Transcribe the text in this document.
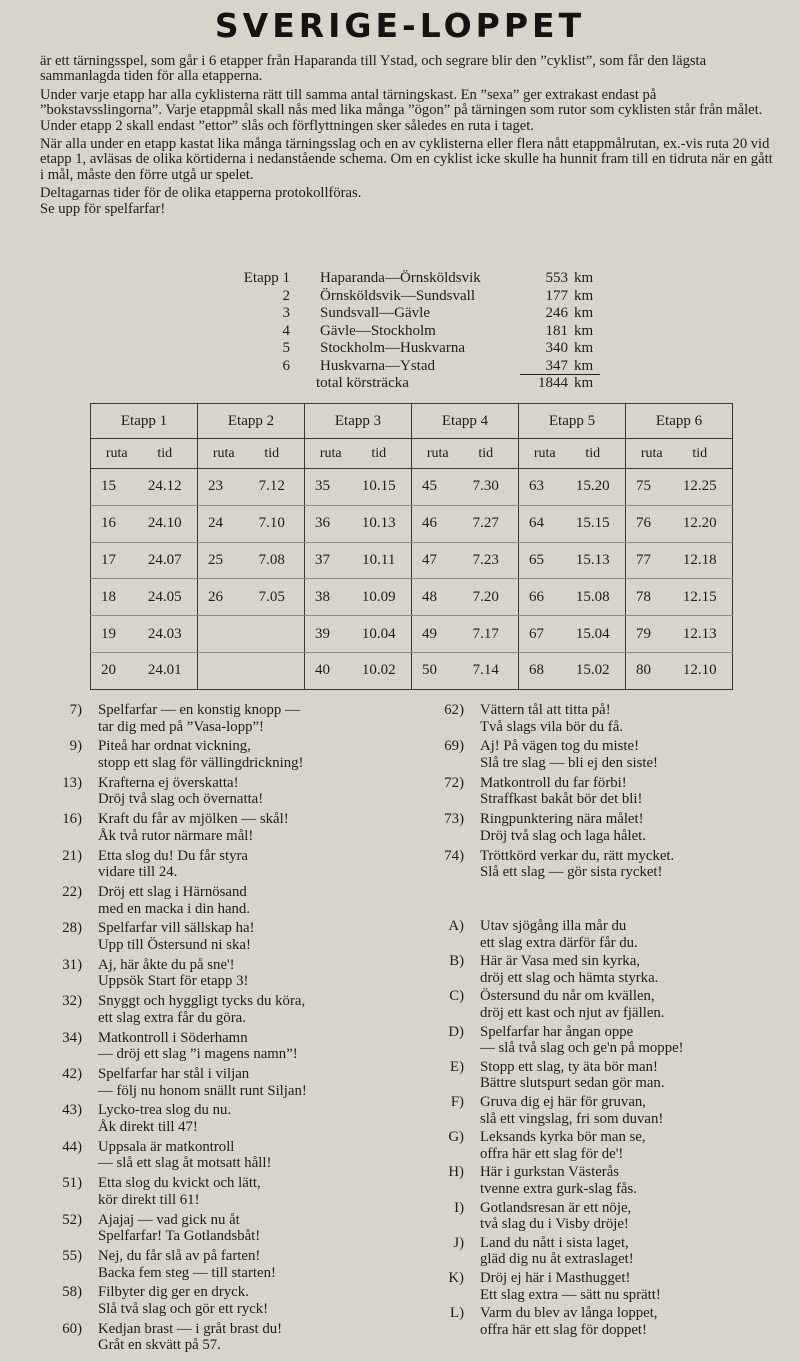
SVERIGE-LOPPET

är ett tärningsspel, som går i 6 etapper från Haparanda till Ystad, och segrare blir den ”cyklist”, som får den lägsta sammanlagda tiden för alla etapperna.

Under varje etapp har alla cyklisterna rätt till samma antal tärningskast. En ”sexa” ger extrakast endast på ”bokstavsslingorna”. Varje etappmål skall nås med lika många ”ögon” på tärningen som rutor som cyklisten står från målet. Under etapp 2 skall endast ”ettor” slås och förflyttningen sker således en ruta i taget.

När alla under en etapp kastat lika många tärningsslag och en av cyklisterna eller flera nått etappmålrutan, ex.-vis ruta 20 vid etapp 1, avläsas de olika körtiderna i nedanstående schema. Om en cyklist icke skulle ha hunnit fram till en tidruta när en gått i mål, måste den förre utgå ur spelet.

Deltagarnas tider för de olika etapperna protokollföras.

Se upp för spelfarfar!

Etapp 1 Haparanda—Örnsköldsvik	553 km
2 Örnsköldsvik—Sundsvall	177 km
3 Sundsvall—Gävle	246 km
4 Gävle—Stockholm	181 km
5 Stockholm—Huskvarna	340 km
6 Huskvarna—Ystad	347 km
total körsträcka	1844 km
Etapp 1		Etapp 2		Etapp 3		Etapp 4		Etapp 5		Etapp 6	
ruta	tid	ruta	tid	ruta	tid	ruta	tid	ruta	tid	ruta	tid
15	24.12	23	7.12	35	10.15	45	7.30	63	15.20	75	12.25
16	24.10	24	7.10	36	10.13	46	7.27	64	15.15	76	12.20
17	24.07	25	7.08	37	10.11	47	7.23	65	15.13	77	12.18
18	24.05	26	7.05	38	10.09	48	7.20	66	15.08	78	12.15
19	24.03			39	10.04	49	7.17	67	15.04	79	12.13
20	24.01			40	10.02	50	7.14	68	15.02	80	12.10
7) Spelfarfar — en konstig knopp —
tar dig med på ”Vasa-lopp”!
9) Piteå har ordnat vickning,
stopp ett slag för vällingdrickning!
13) Krafterna ej överskatta!
Dröj två slag och övernatta!
16) Kraft du får av mjölken — skål!
Åk två rutor närmare mål!
21) Etta slog du! Du får styra
vidare till 24.
22) Dröj ett slag i Härnösand
med en macka i din hand.
28) Spelfarfar vill sällskap ha!
Upp till Östersund ni ska!
31) Aj, här åkte du på sne'!
Uppsök Start för etapp 3!
32) Snyggt och hyggligt tycks du köra,
ett slag extra får du göra.
34) Matkontroll i Söderhamn
— dröj ett slag ”i magens namn”!
42) Spelfarfar har stål i viljan
— följ nu honom snällt runt Siljan!
43) Lycko-trea slog du nu.
Åk direkt till 47!
44) Uppsala är matkontroll
— slå ett slag åt motsatt håll!
51) Etta slog du kvickt och lätt,
kör direkt till 61!
52) Ajajaj — vad gick nu åt
Spelfarfar! Ta Gotlandsbåt!
55) Nej, du får slå av på farten!
Backa fem steg — till starten!
58) Filbyter dig ger en dryck.
Slå två slag och gör ett ryck!
60) Kedjan brast — i gråt brast du!
Gråt en skvätt på 57.
62) Vättern tål att titta på!
Två slags vila bör du få.
69) Aj! På vägen tog du miste!
Slå tre slag — bli ej den siste!
72) Matkontroll du far förbi!
Straffkast bakåt bör det bli!
73) Ringpunktering nära målet!
Dröj två slag och laga hålet.
74) Tröttkörd verkar du, rätt mycket.
Slå ett slag — gör sista rycket!
A) Utav sjögång illa mår du
ett slag extra därför får du.
B) Här är Vasa med sin kyrka,
dröj ett slag och hämta styrka.
C) Östersund du når om kvällen,
dröj ett kast och njut av fjällen.
D) Spelfarfar har ångan oppe
— slå två slag och ge'n på moppe!
E) Stopp ett slag, ty äta bör man!
Bättre slutspurt sedan gör man.
F) Gruva dig ej här för gruvan,
slå ett vingslag, fri som duvan!
G) Leksands kyrka bör man se,
offra här ett slag för de'!
H) Här i gurkstan Västerås
tvenne extra gurk-slag fås.
I) Gotlandsresan är ett nöje,
två slag du i Visby dröje!
J) Land du nått i sista laget,
gläd dig nu åt extraslaget!
K) Dröj ej här i Masthugget!
Ett slag extra — sätt nu sprätt!
L) Varm du blev av långa loppet,
offra här ett slag för doppet!
